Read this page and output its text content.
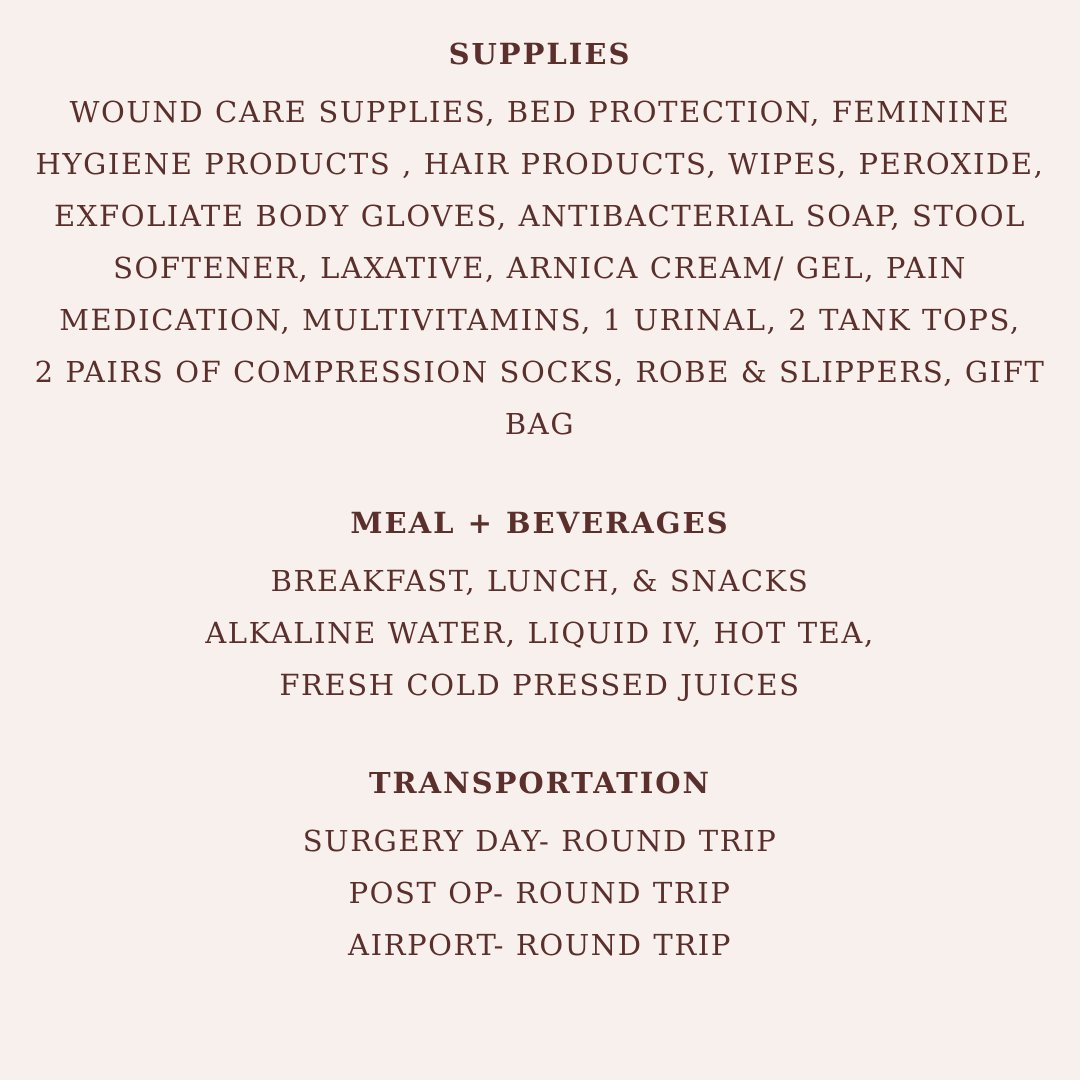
SUPPLIES
WOUND CARE SUPPLIES, BED PROTECTION, FEMININE
HYGIENE PRODUCTS , HAIR PRODUCTS, WIPES, PEROXIDE,
EXFOLIATE BODY GLOVES, ANTIBACTERIAL SOAP, STOOL
SOFTENER, LAXATIVE, ARNICA CREAM/ GEL, PAIN
MEDICATION, MULTIVITAMINS, 1 URINAL, 2 TANK TOPS,
2 PAIRS OF COMPRESSION SOCKS, ROBE & SLIPPERS, GIFT
BAG
MEAL + BEVERAGES
BREAKFAST, LUNCH, & SNACKS
ALKALINE WATER, LIQUID IV, HOT TEA,
FRESH COLD PRESSED JUICES
TRANSPORTATION
SURGERY DAY- ROUND TRIP
POST OP- ROUND TRIP
AIRPORT- ROUND TRIP
